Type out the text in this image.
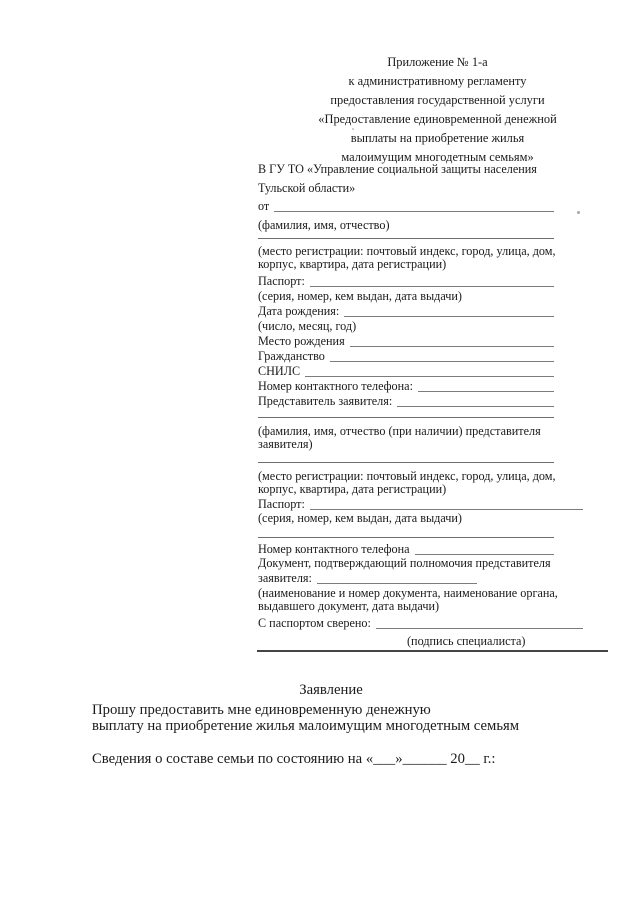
Приложение № 1-а
к административному регламенту
предоставления государственной услуги
«Предоставление единовременной денежной
выплаты на приобретение жилья
малоимущим многодетным семьям»
В ГУ ТО «Управление социальной защиты населения
Тульской области»
от
(фамилия, имя, отчество)
(место регистрации: почтовый индекс, город, улица, дом,
корпус, квартира, дата регистрации)
Паспорт:
(серия, номер, кем выдан, дата выдачи)
Дата рождения:
(число, месяц, год)
Место рождения
Гражданство
СНИЛС
Номер контактного телефона:
Представитель заявителя:
(фамилия, имя, отчество (при наличии) представителя
заявителя)
(место регистрации: почтовый индекс, город, улица, дом,
корпус, квартира, дата регистрации)
Паспорт:
(серия, номер, кем выдан, дата выдачи)
Номер контактного телефона
Документ, подтверждающий полномочия представителя
заявителя:
(наименование и номер документа, наименование органа,
выдавшего документ, дата выдачи)
С паспортом сверено:
(подпись специалиста)
Заявление
Прошу предоставить мне единовременную денежную
выплату на приобретение жилья малоимущим многодетным семьям
Сведения о составе семьи по состоянию на «___»______ 20__ г.:
